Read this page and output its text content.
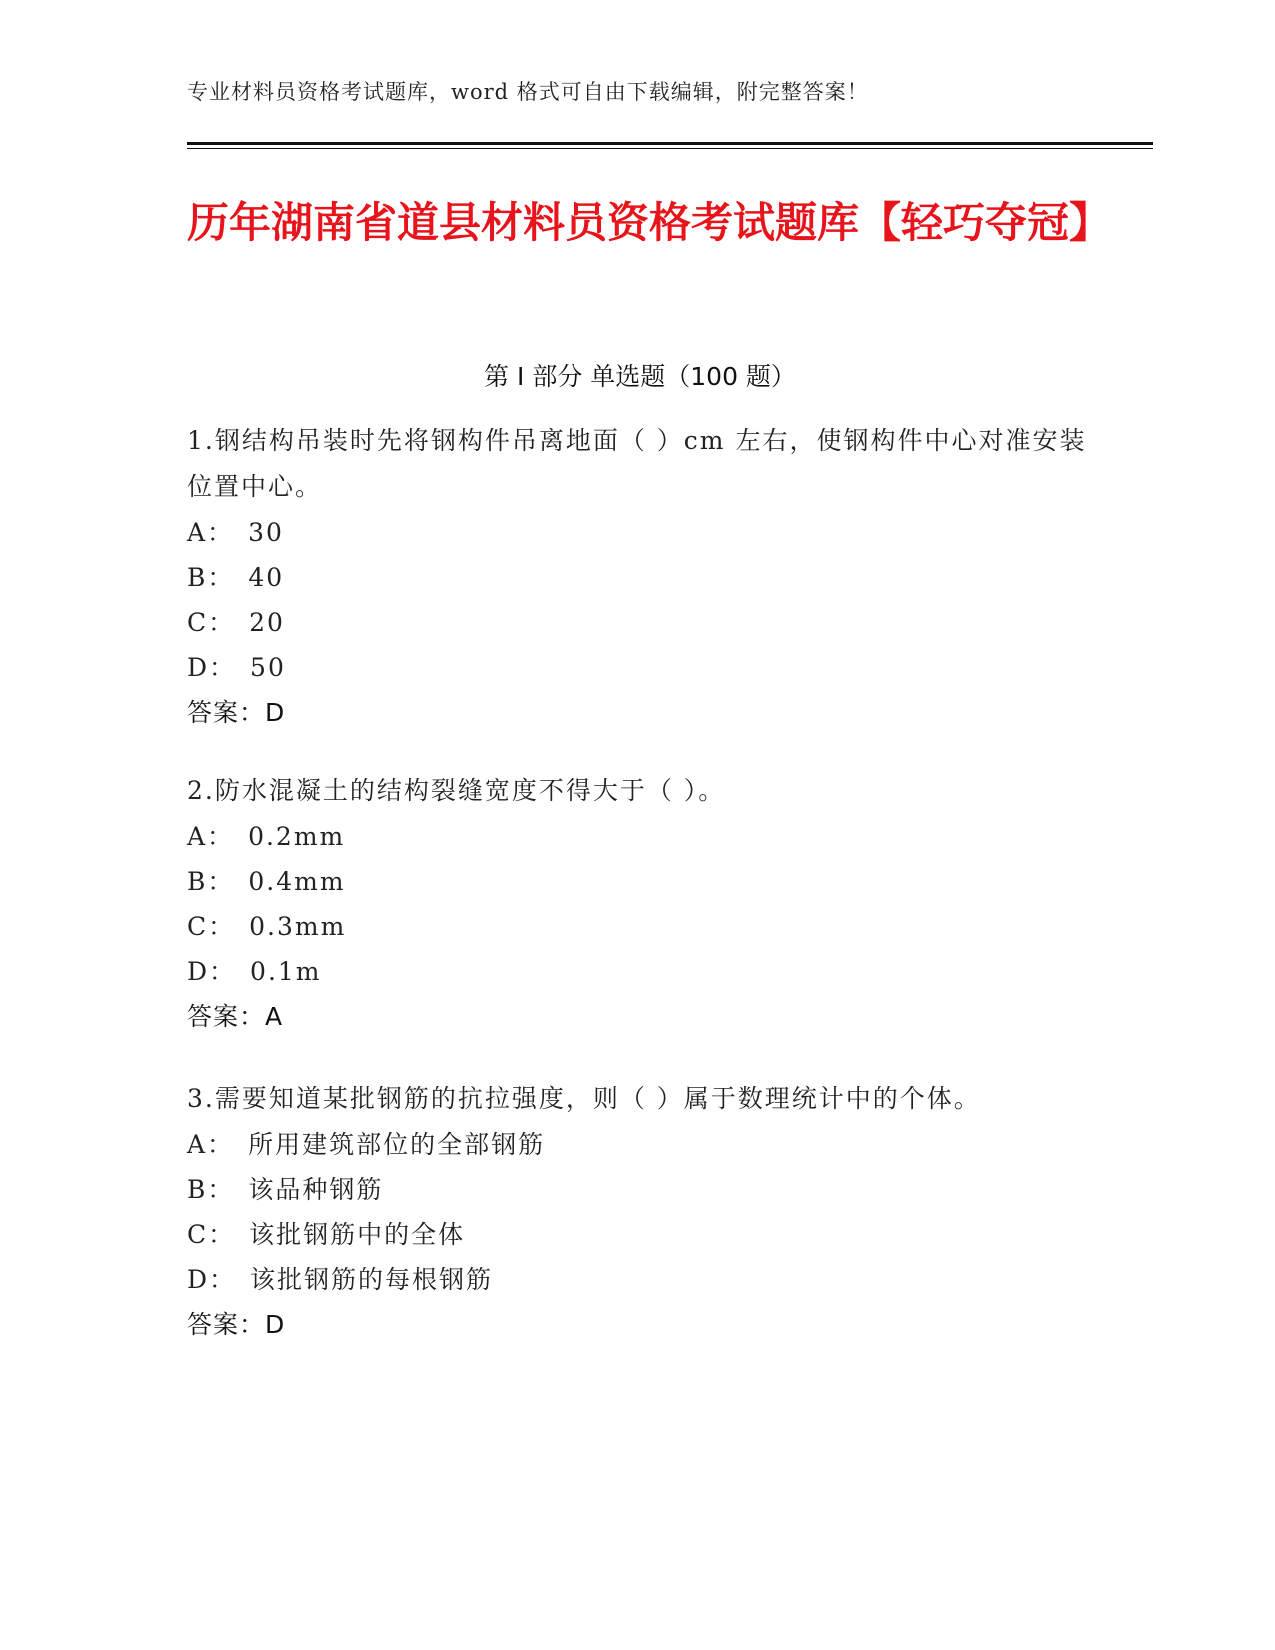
专业材料员资格考试题库，word 格式可自由下载编辑，附完整答案！
历年湖南省道县材料员资格考试题库【轻巧夺冠】
第 I 部分 单选题（100 题）

1.钢结构吊装时先将钢构件吊离地面（ ）cm 左右，使钢构件中心对准安装位置中心。

A： 30

B： 40

C： 20

D： 50

答案：D

2.防水混凝土的结构裂缝宽度不得大于（ ）。

A： 0.2mm

B： 0.4mm

C： 0.3mm

D： 0.1m

答案：A

3.需要知道某批钢筋的抗拉强度，则（ ）属于数理统计中的个体。

A： 所用建筑部位的全部钢筋

B： 该品种钢筋

C： 该批钢筋中的全体

D： 该批钢筋的每根钢筋

答案：D
